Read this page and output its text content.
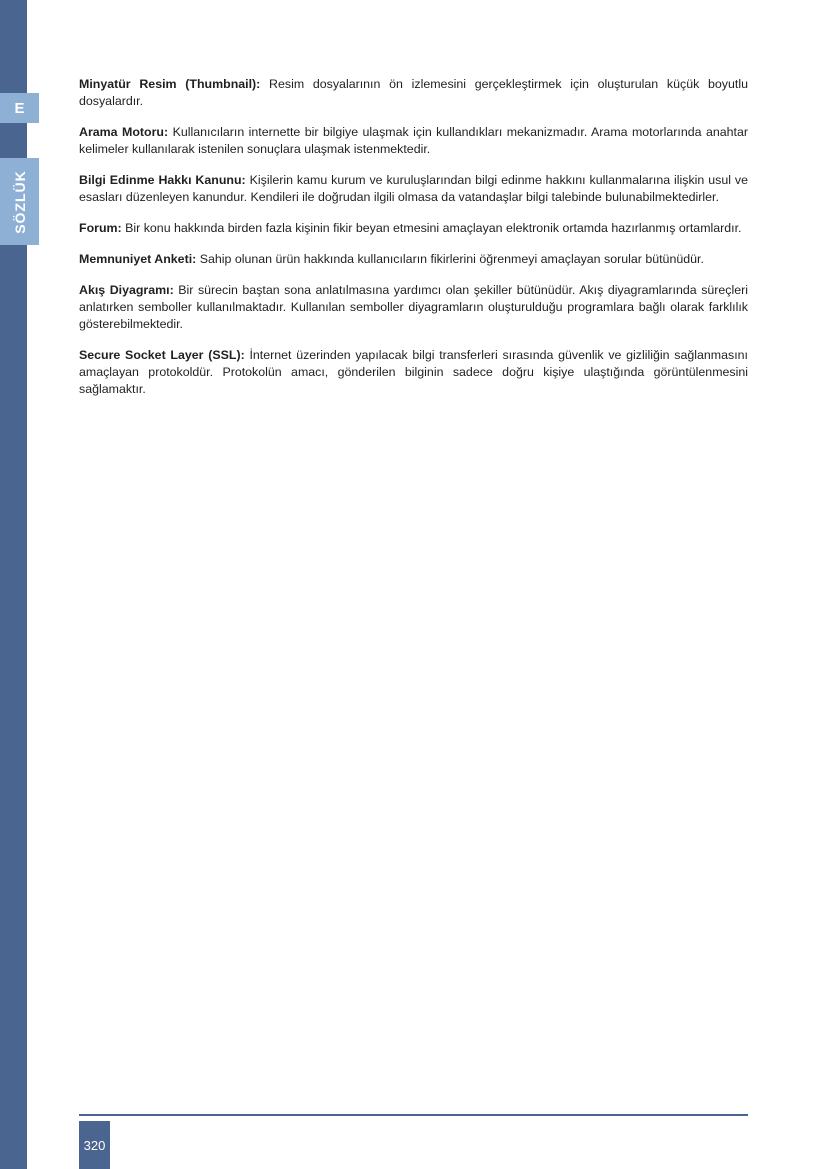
E
SÖZLÜK

Minyatür Resim (Thumbnail): Resim dosyalarının ön izlemesini gerçekleştirmek için oluşturulan küçük boyutlu dosyalardır.

Arama Motoru: Kullanıcıların internette bir bilgiye ulaşmak için kullandıkları mekanizmadır. Arama motorlarında anahtar kelimeler kullanılarak istenilen sonuçlara ulaşmak istenmektedir.

Bilgi Edinme Hakkı Kanunu: Kişilerin kamu kurum ve kuruluşlarından bilgi edinme hakkını kullanmalarına ilişkin usul ve esasları düzenleyen kanundur. Kendileri ile doğrudan ilgili olmasa da vatandaşlar bilgi talebinde bulunabilmektedirler.

Forum: Bir konu hakkında birden fazla kişinin fikir beyan etmesini amaçlayan elektronik ortamda hazırlanmış ortamlardır.

Memnuniyet Anketi: Sahip olunan ürün hakkında kullanıcıların fikirlerini öğrenmeyi amaçlayan sorular bütünüdür.

Akış Diyagramı: Bir sürecin baştan sona anlatılmasına yardımcı olan şekiller bütünüdür. Akış diyagramlarında süreçleri anlatırken semboller kullanılmaktadır. Kullanılan semboller diyagramların oluşturulduğu programlara bağlı olarak farklılık gösterebilmektedir.

Secure Socket Layer (SSL): İnternet üzerinden yapılacak bilgi transferleri sırasında güvenlik ve gizliliğin sağlanmasını amaçlayan protokoldür. Protokolün amacı, gönderilen bilginin sadece doğru kişiye ulaştığında görüntülenmesini sağlamaktır.

320
